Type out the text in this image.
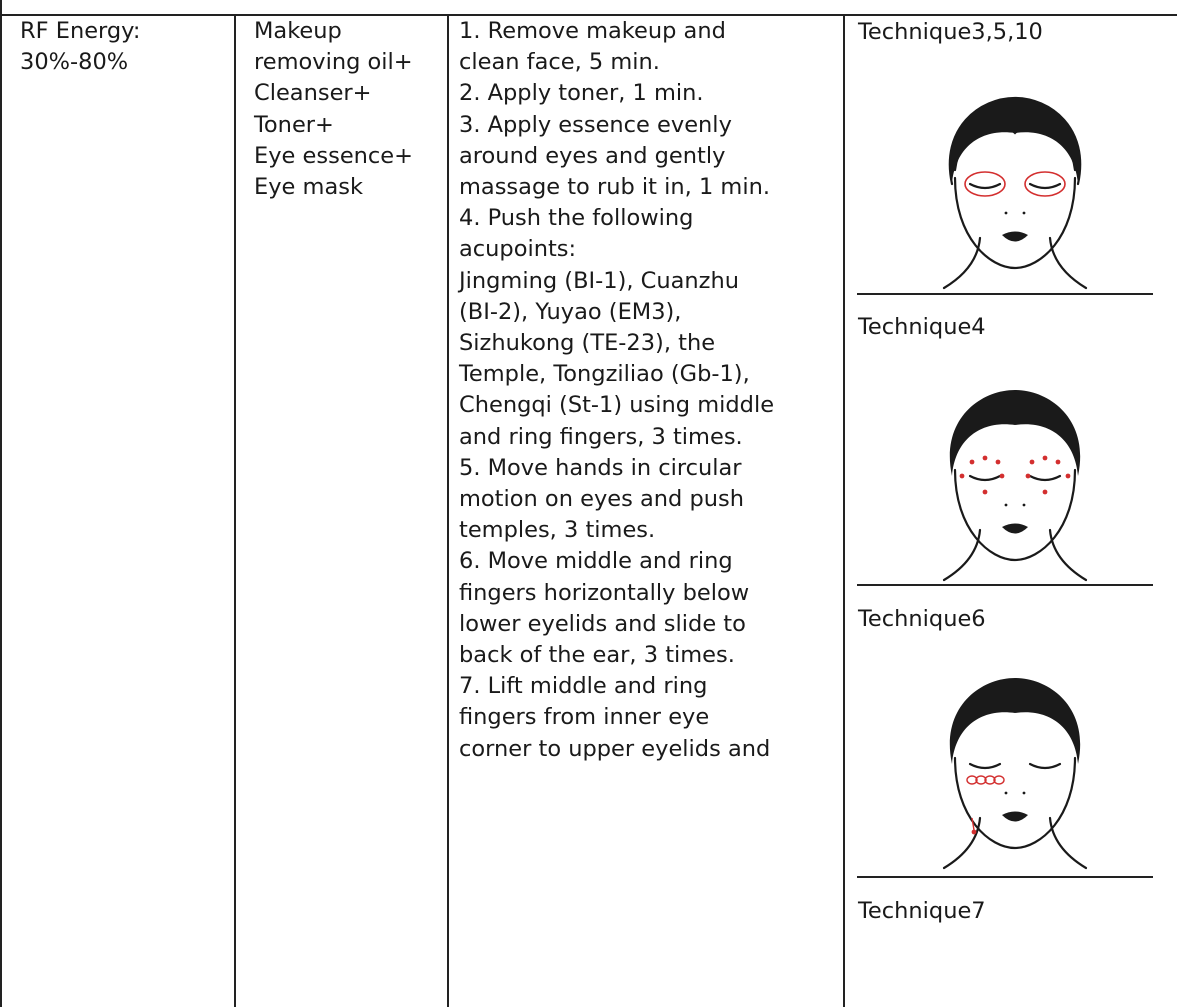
RF Energy:

30%-80%

Makeup

removing oil+

Cleanser+

Toner+

Eye essence+

Eye mask

1. Remove makeup and

clean face, 5 min.

2. Apply toner, 1 min.

3. Apply essence evenly

around eyes and gently

massage to rub it in, 1 min.

4. Push the following

acupoints:

Jingming (BI-1), Cuanzhu

(BI-2), Yuyao (EM3),

Sizhukong (TE-23), the

Temple, Tongziliao (Gb-1),

Chengqi (St-1) using middle

and ring fingers, 3 times.

5. Move hands in circular

motion on eyes and push

temples, 3 times.

6. Move middle and ring

fingers horizontally below

lower eyelids and slide to

back of the ear, 3 times.

7. Lift middle and ring

fingers from inner eye

corner to upper eyelids and

Technique3,5,10

Technique4

Technique6

Technique7
